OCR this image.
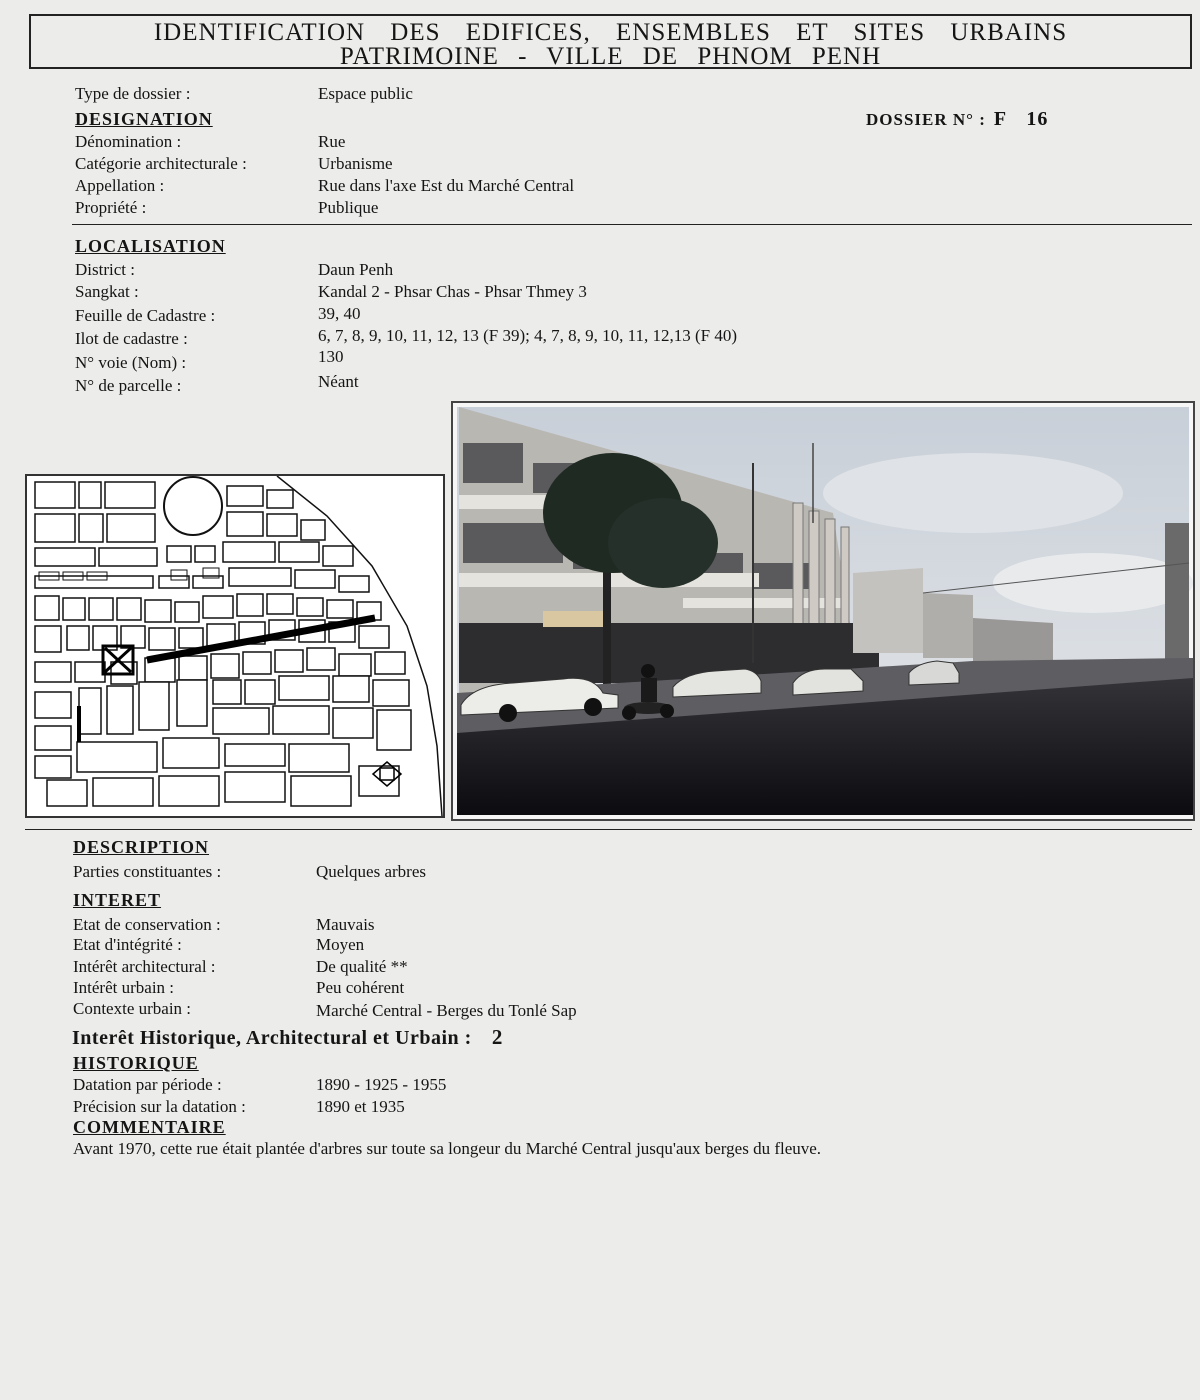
IDENTIFICATION DES EDIFICES, ENSEMBLES ET SITES URBAINS
PATRIMOINE - VILLE DE PHNOM PENH
Type de dossier :	Espace public
DESIGNATION	DOSSIER N° : F 16
Dénomination :	Rue
Catégorie architecturale :	Urbanisme
Appellation :	Rue dans l'axe Est du Marché Central
Propriété :	Publique
LOCALISATION
District :	Daun Penh
Sangkat :	Kandal 2 - Phsar Chas - Phsar Thmey 3
Feuille de Cadastre :	39, 40
Ilot de cadastre :	6, 7, 8, 9, 10, 11, 12, 13 (F 39); 4, 7, 8, 9, 10, 11, 12,13 (F 40)
N° voie (Nom) :	130
N° de parcelle :	Néant
DESCRIPTION
Parties constituantes :	Quelques arbres
INTERET
Etat de conservation :	Mauvais
Etat d'intégrité :	Moyen
Intérêt architectural :	De qualité **
Intérêt urbain :	Peu cohérent
Contexte urbain :	Marché Central - Berges du Tonlé Sap
Interêt Historique, Architectural et Urbain : 2
HISTORIQUE
Datation par période :	1890 - 1925 - 1955
Précision sur la datation :	1890 et 1935
COMMENTAIRE
Avant 1970, cette rue était plantée d'arbres sur toute sa longeur du Marché Central jusqu'aux berges du fleuve.
